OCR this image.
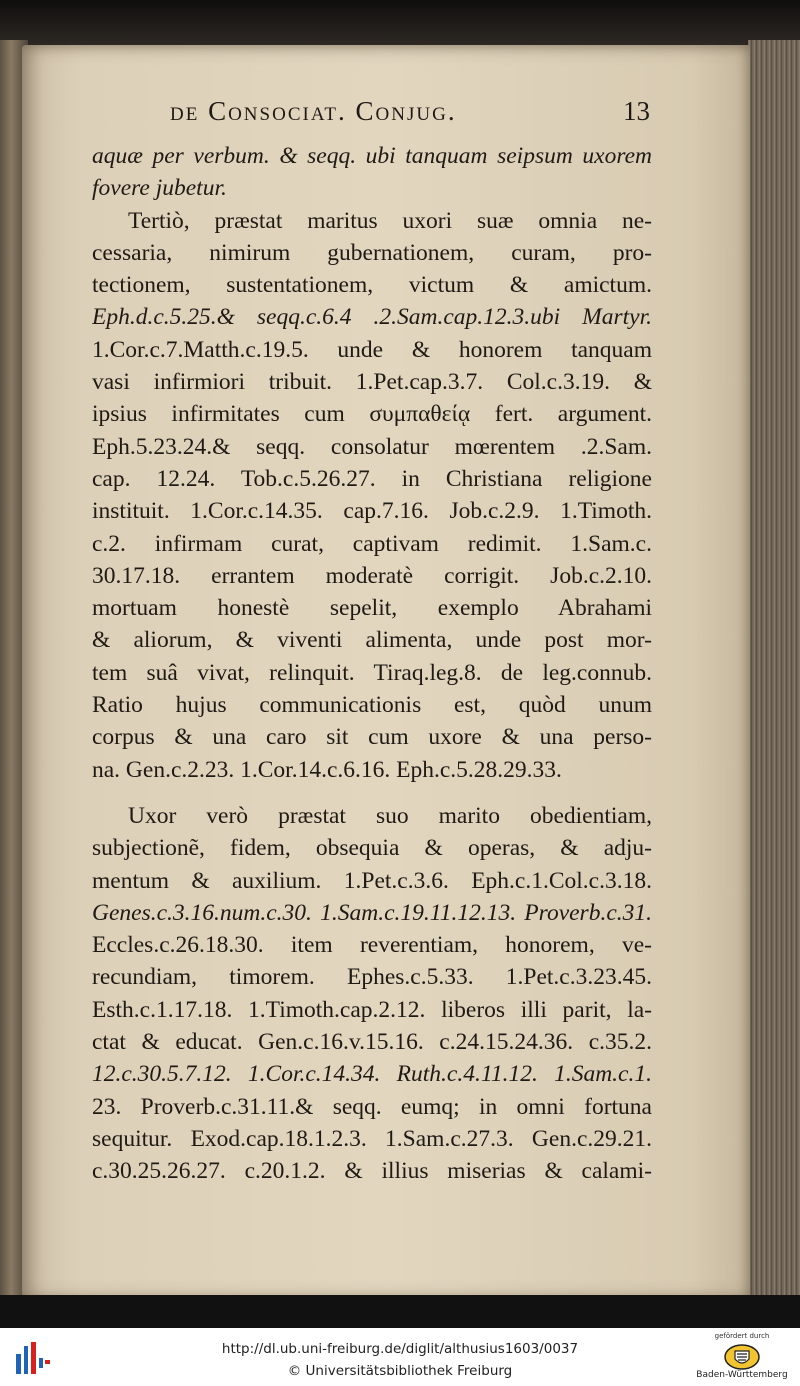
de Consociat. Conjug.	13
aquæ per verbum. & seqq. ubi tanquam seipsum uxorem
fovere jubetur.
Tertiò, præstat maritus uxori suæ omnia ne-
cessaria, nimirum gubernationem, curam, pro-
tectionem, sustentationem, victum & amictum.
Eph.d.c.5.25.& seqq.c.6.4 .2.Sam.cap.12.3.ubi Martyr.
1.Cor.c.7.Matth.c.19.5. unde & honorem tanquam
vasi infirmiori tribuit. 1.Pet.cap.3.7. Col.c.3.19. &
ipsius infirmitates cum συμπαθείᾳ fert. argument.
Eph.5.23.24.& seqq. consolatur mœrentem .2.Sam.
cap. 12.24. Tob.c.5.26.27. in Christiana religione
instituit. 1.Cor.c.14.35. cap.7.16. Job.c.2.9. 1.Timoth.
c.2. infirmam curat, captivam redimit. 1.Sam.c.
30.17.18. errantem moderatè corrigit. Job.c.2.10.
mortuam honestè sepelit, exemplo Abrahami
& aliorum, & viventi alimenta, unde post mor-
tem suâ vivat, relinquit. Tiraq.leg.8. de leg.connub.
Ratio hujus communicationis est, quòd unum
corpus & una caro sit cum uxore & una perso-
na. Gen.c.2.23. 1.Cor.14.c.6.16. Eph.c.5.28.29.33.
Uxor verò præstat suo marito obedientiam,
subjectionẽ, fidem, obsequia & operas, & adju-
mentum & auxilium. 1.Pet.c.3.6. Eph.c.1.Col.c.3.18.
Genes.c.3.16.num.c.30. 1.Sam.c.19.11.12.13. Proverb.c.31.
Eccles.c.26.18.30. item reverentiam, honorem, ve-
recundiam, timorem. Ephes.c.5.33. 1.Pet.c.3.23.45.
Esth.c.1.17.18. 1.Timoth.cap.2.12. liberos illi parit, la-
ctat & educat. Gen.c.16.v.15.16. c.24.15.24.36. c.35.2.
12.c.30.5.7.12. 1.Cor.c.14.34. Ruth.c.4.11.12. 1.Sam.c.1.
23. Proverb.c.31.11.& seqq. eumq; in omni fortuna
sequitur. Exod.cap.18.1.2.3. 1.Sam.c.27.3. Gen.c.29.21.
c.30.25.26.27. c.20.1.2. & illius miserias & calami-
http://dl.ub.uni-freiburg.de/diglit/althusius1603/0037
© Universitätsbibliothek Freiburg
gefördert durch
Baden-Württemberg
